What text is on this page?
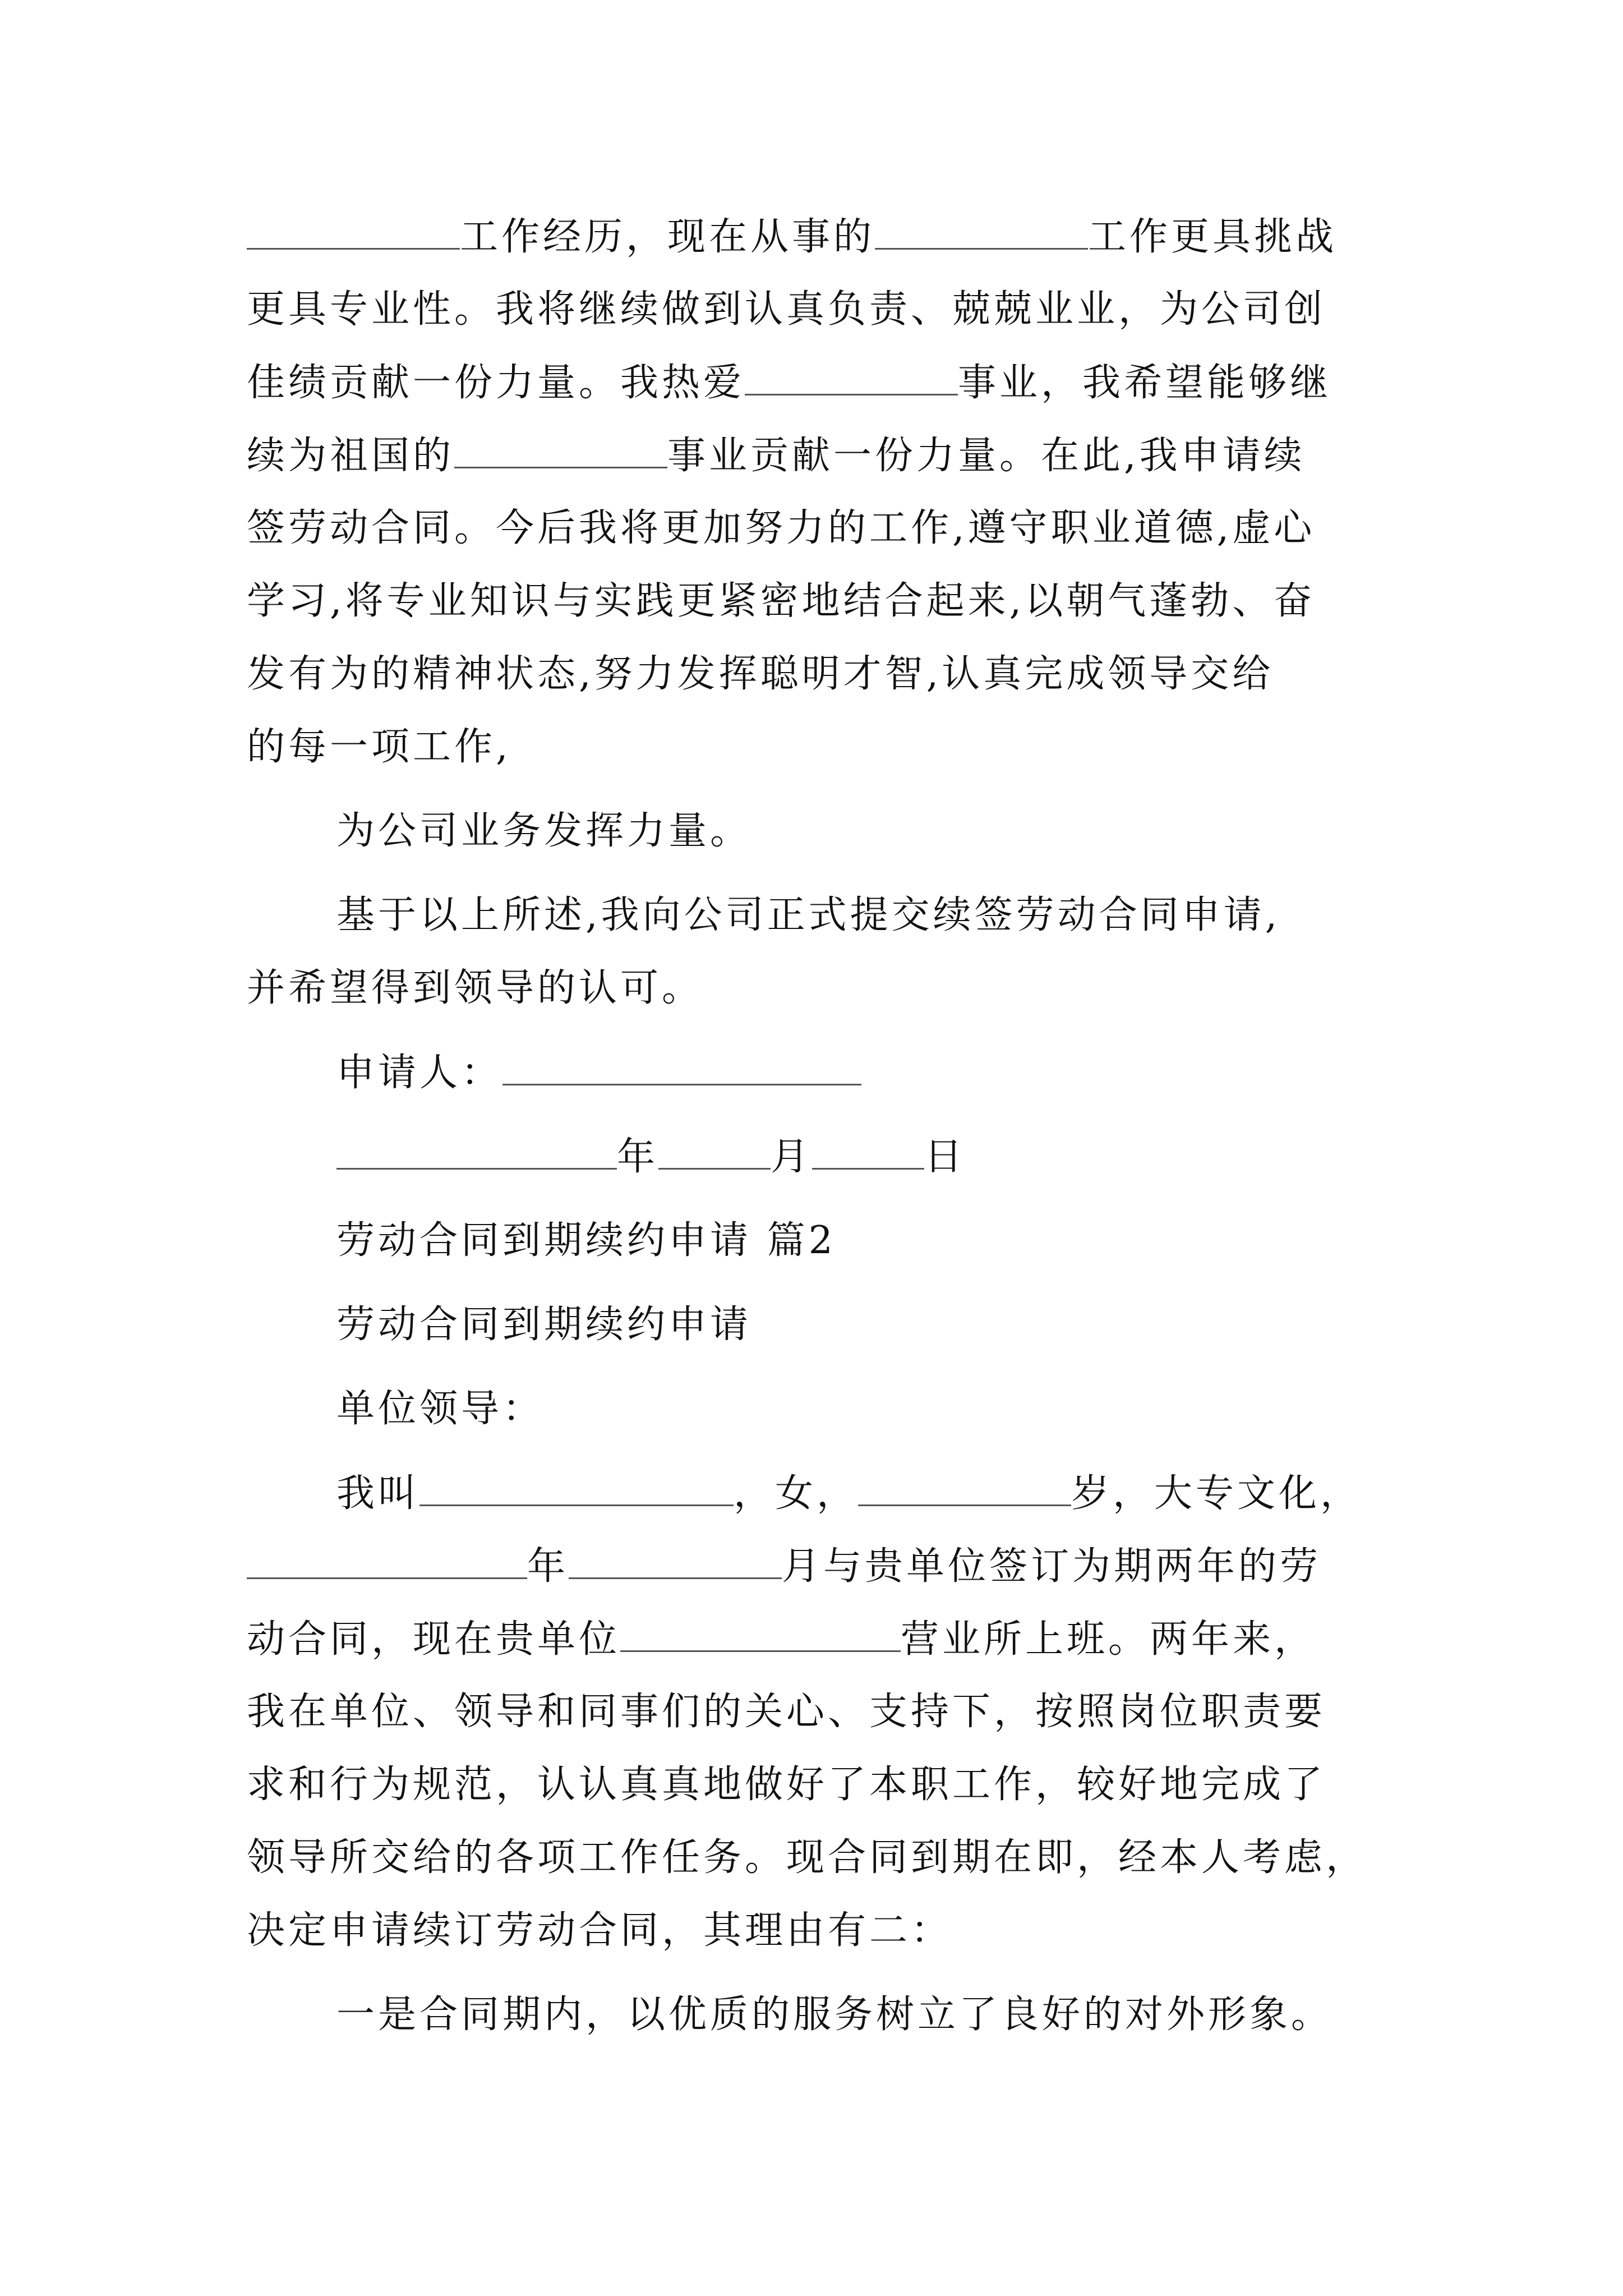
工作经历，现在从事的	工作更具挑战
更具专业性。我将继续做到认真负责、兢兢业业，为公司创
佳绩贡献一份力量。我热爱	事业，我希望能够继
续为祖国的	事业贡献一份力量。在此,我申请续
签劳动合同。今后我将更加努力的工作,遵守职业道德,虚心
学习,将专业知识与实践更紧密地结合起来,以朝气蓬勃、奋
发有为的精神状态,努力发挥聪明才智,认真完成领导交给
的每一项工作,
为公司业务发挥力量。
基于以上所述,我向公司正式提交续签劳动合同申请,
并希望得到领导的认可。
申请人：
年	月	日
劳动合同到期续约申请 篇2
劳动合同到期续约申请
单位领导：
我叫	，女，	岁，大专文化，
年	月与贵单位签订为期两年的劳
动合同，现在贵单位	营业所上班。两年来，
我在单位、领导和同事们的关心、支持下，按照岗位职责要
求和行为规范，认认真真地做好了本职工作，较好地完成了
领导所交给的各项工作任务。现合同到期在即，经本人考虑，
决定申请续订劳动合同，其理由有二：
一是合同期内，以优质的服务树立了良好的对外形象。
